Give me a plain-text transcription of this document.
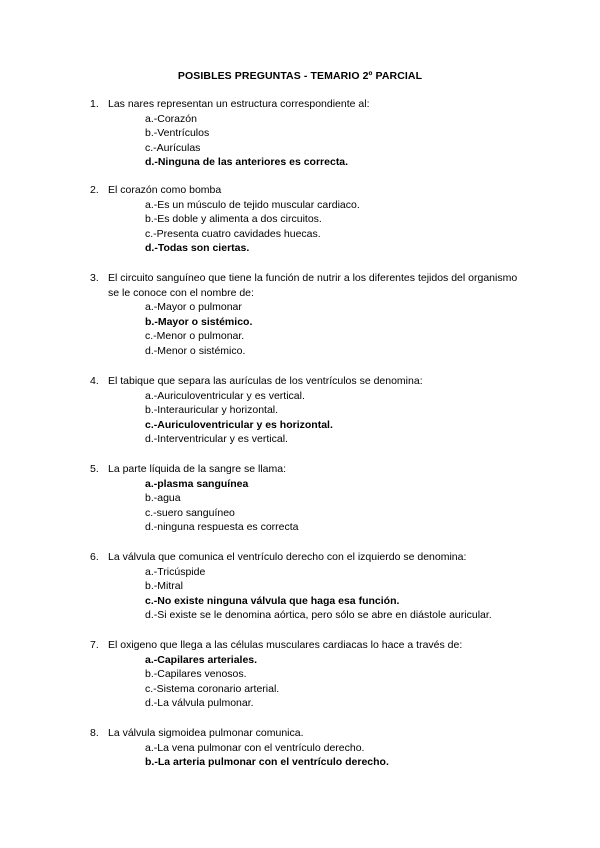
POSIBLES PREGUNTAS - TEMARIO 2º PARCIAL
1. Las nares representan un estructura correspondiente al:
a.-Corazón
b.-Ventrículos
c.-Aurículas
d.-Ninguna de las anteriores es correcta.
2. El corazón como bomba
a.-Es un músculo de tejido muscular cardiaco.
b.-Es doble y alimenta a dos circuitos.
c.-Presenta cuatro cavidades huecas.
d.-Todas son ciertas.
3. El circuito sanguíneo que tiene la función de nutrir a los diferentes tejidos del organismo se le conoce con el nombre de:
a.-Mayor o pulmonar
b.-Mayor o sistémico.
c.-Menor o pulmonar.
d.-Menor o sistémico.
4. El tabique que separa las aurículas de los ventrículos se denomina:
a.-Auriculoventricular y es vertical.
b.-Interauricular y horizontal.
c.-Auriculoventricular y es horizontal.
d.-Interventricular y es vertical.
5. La parte líquida de la sangre se llama:
a.-plasma sanguínea
b.-agua
c.-suero sanguíneo
d.-ninguna respuesta es correcta
6. La válvula que comunica el ventrículo derecho con el izquierdo se denomina:
a.-Tricúspide
b.-Mitral
c.-No existe ninguna válvula que haga esa función.
d.-Si existe se le denomina aórtica, pero sólo se abre en diástole auricular.
7. El oxigeno que llega a las células musculares cardiacas lo hace a través de:
a.-Capilares arteriales.
b.-Capilares venosos.
c.-Sistema coronario arterial.
d.-La válvula pulmonar.
8. La válvula sigmoidea pulmonar comunica.
a.-La vena pulmonar con el ventrículo derecho.
b.-La arteria pulmonar con el ventrículo derecho.
